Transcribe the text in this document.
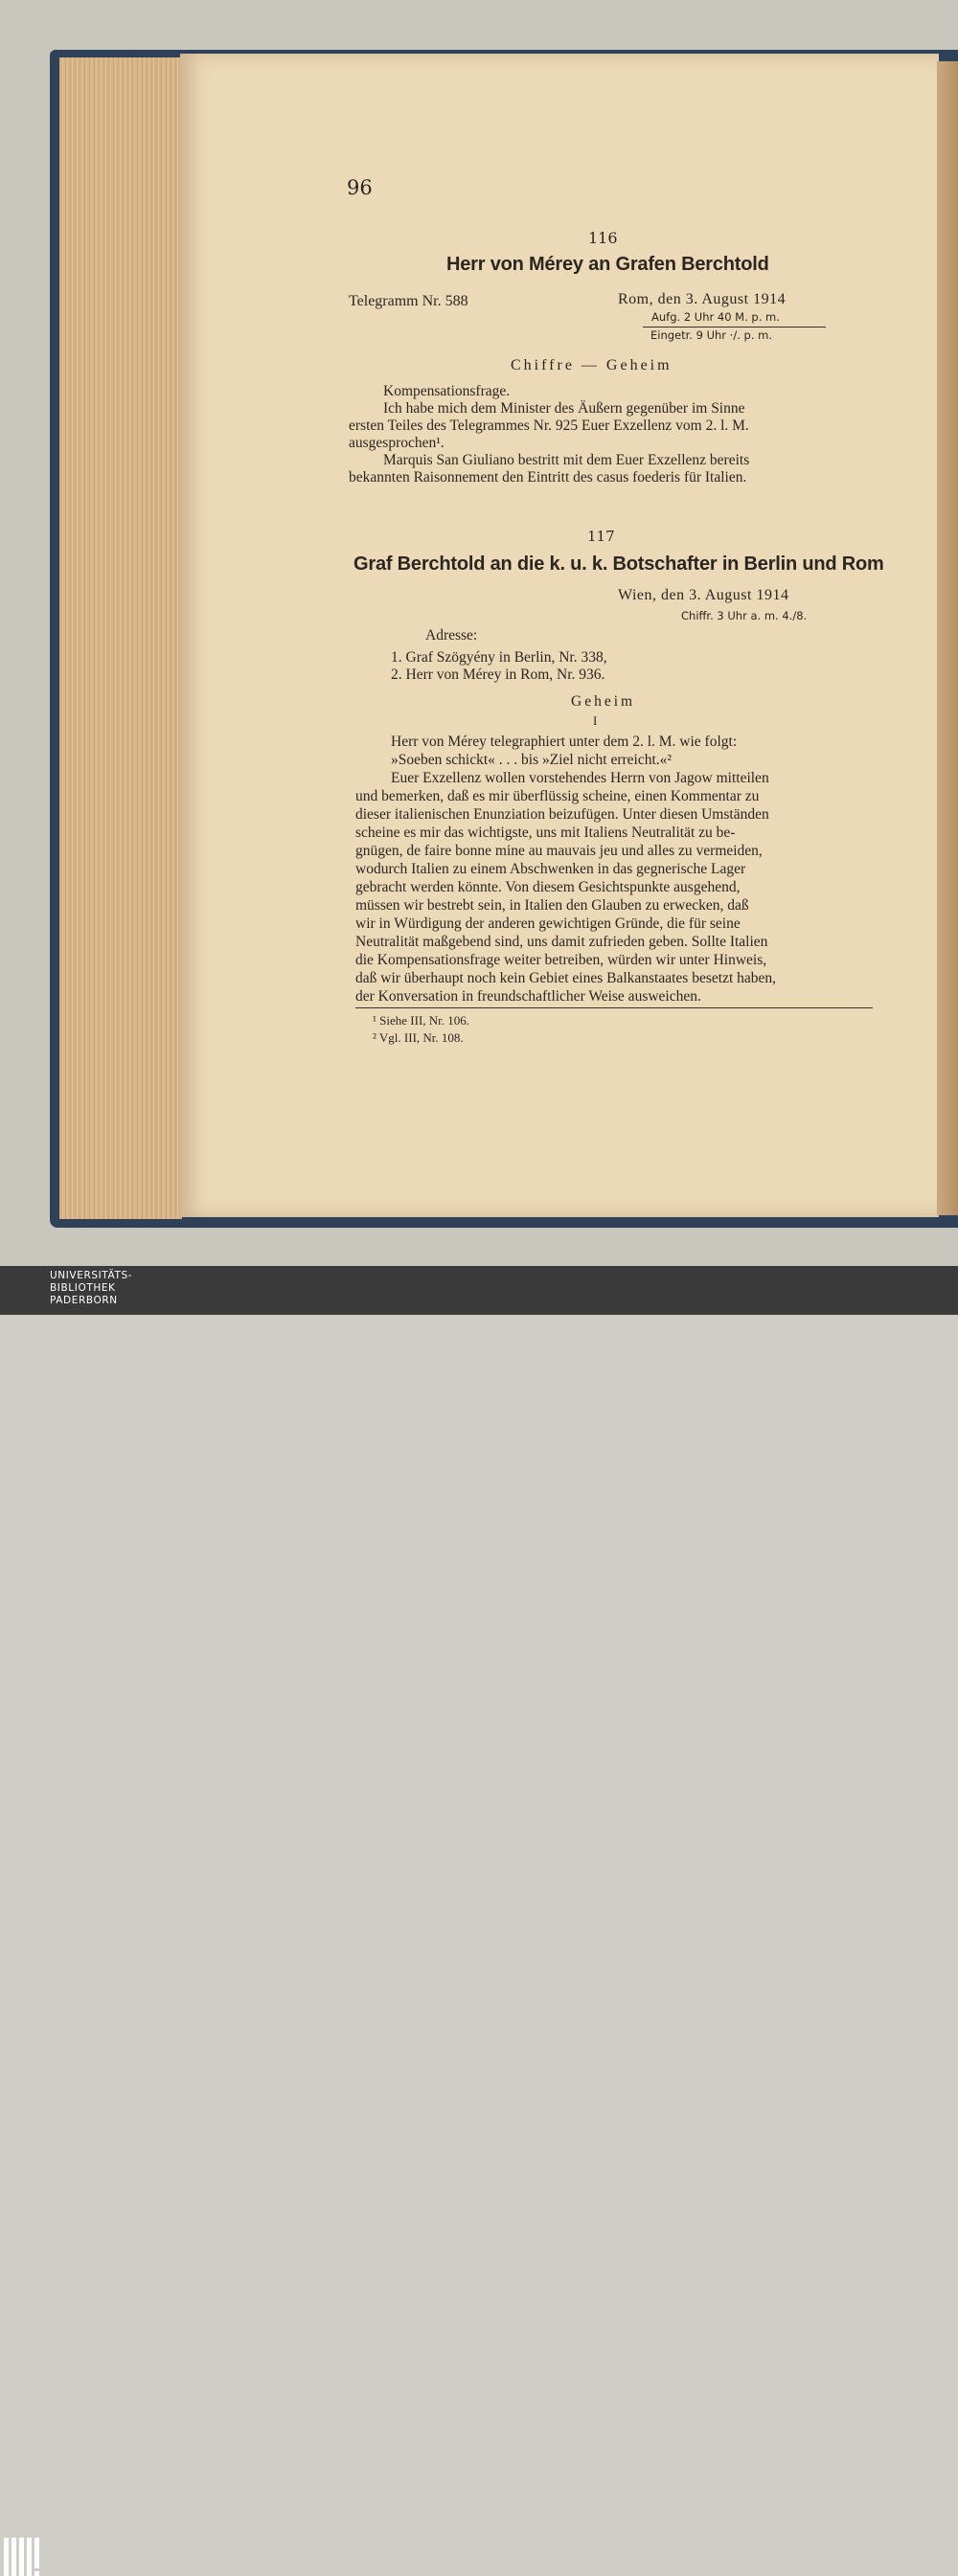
96
116
Herr von Mérey an Grafen Berchtold
Telegramm Nr. 588	Rom, den 3. August 1914
Aufg. 2 Uhr 40 M. p. m.
Eingetr. 9 Uhr ·/. p. m.
Chiffre — Geheim
Kompensationsfrage.
Ich habe mich dem Minister des Äußern gegenüber im Sinne
ersten Teiles des Telegrammes Nr. 925 Euer Exzellenz vom 2. l. M.
ausgesprochen¹.
Marquis San Giuliano bestritt mit dem Euer Exzellenz bereits
bekannten Raisonnement den Eintritt des casus foederis für Italien.
117
Graf Berchtold an die k. u. k. Botschafter in Berlin und Rom
Wien, den 3. August 1914
Chiffr. 3 Uhr a. m. 4./8.
Adresse:
1. Graf Szögyény in Berlin, Nr. 338,
2. Herr von Mérey in Rom, Nr. 936.
Geheim
I
Herr von Mérey telegraphiert unter dem 2. l. M. wie folgt:
»Soeben schickt« . . . bis »Ziel nicht erreicht.«²
Euer Exzellenz wollen vorstehendes Herrn von Jagow mitteilen
und bemerken, daß es mir überflüssig scheine, einen Kommentar zu
dieser italienischen Enunziation beizufügen. Unter diesen Umständen
scheine es mir das wichtigste, uns mit Italiens Neutralität zu be-
gnügen, de faire bonne mine au mauvais jeu und alles zu vermeiden,
wodurch Italien zu einem Abschwenken in das gegnerische Lager
gebracht werden könnte. Von diesem Gesichtspunkte ausgehend,
müssen wir bestrebt sein, in Italien den Glauben zu erwecken, daß
wir in Würdigung der anderen gewichtigen Gründe, die für seine
Neutralität maßgebend sind, uns damit zufrieden geben. Sollte Italien
die Kompensationsfrage weiter betreiben, würden wir unter Hinweis,
daß wir überhaupt noch kein Gebiet eines Balkanstaates besetzt haben,
der Konversation in freundschaftlicher Weise ausweichen.
¹ Siehe III, Nr. 106.
² Vgl. III, Nr. 108.
UNIVERSITÄTS-
BIBLIOTHEK
PADERBORN
